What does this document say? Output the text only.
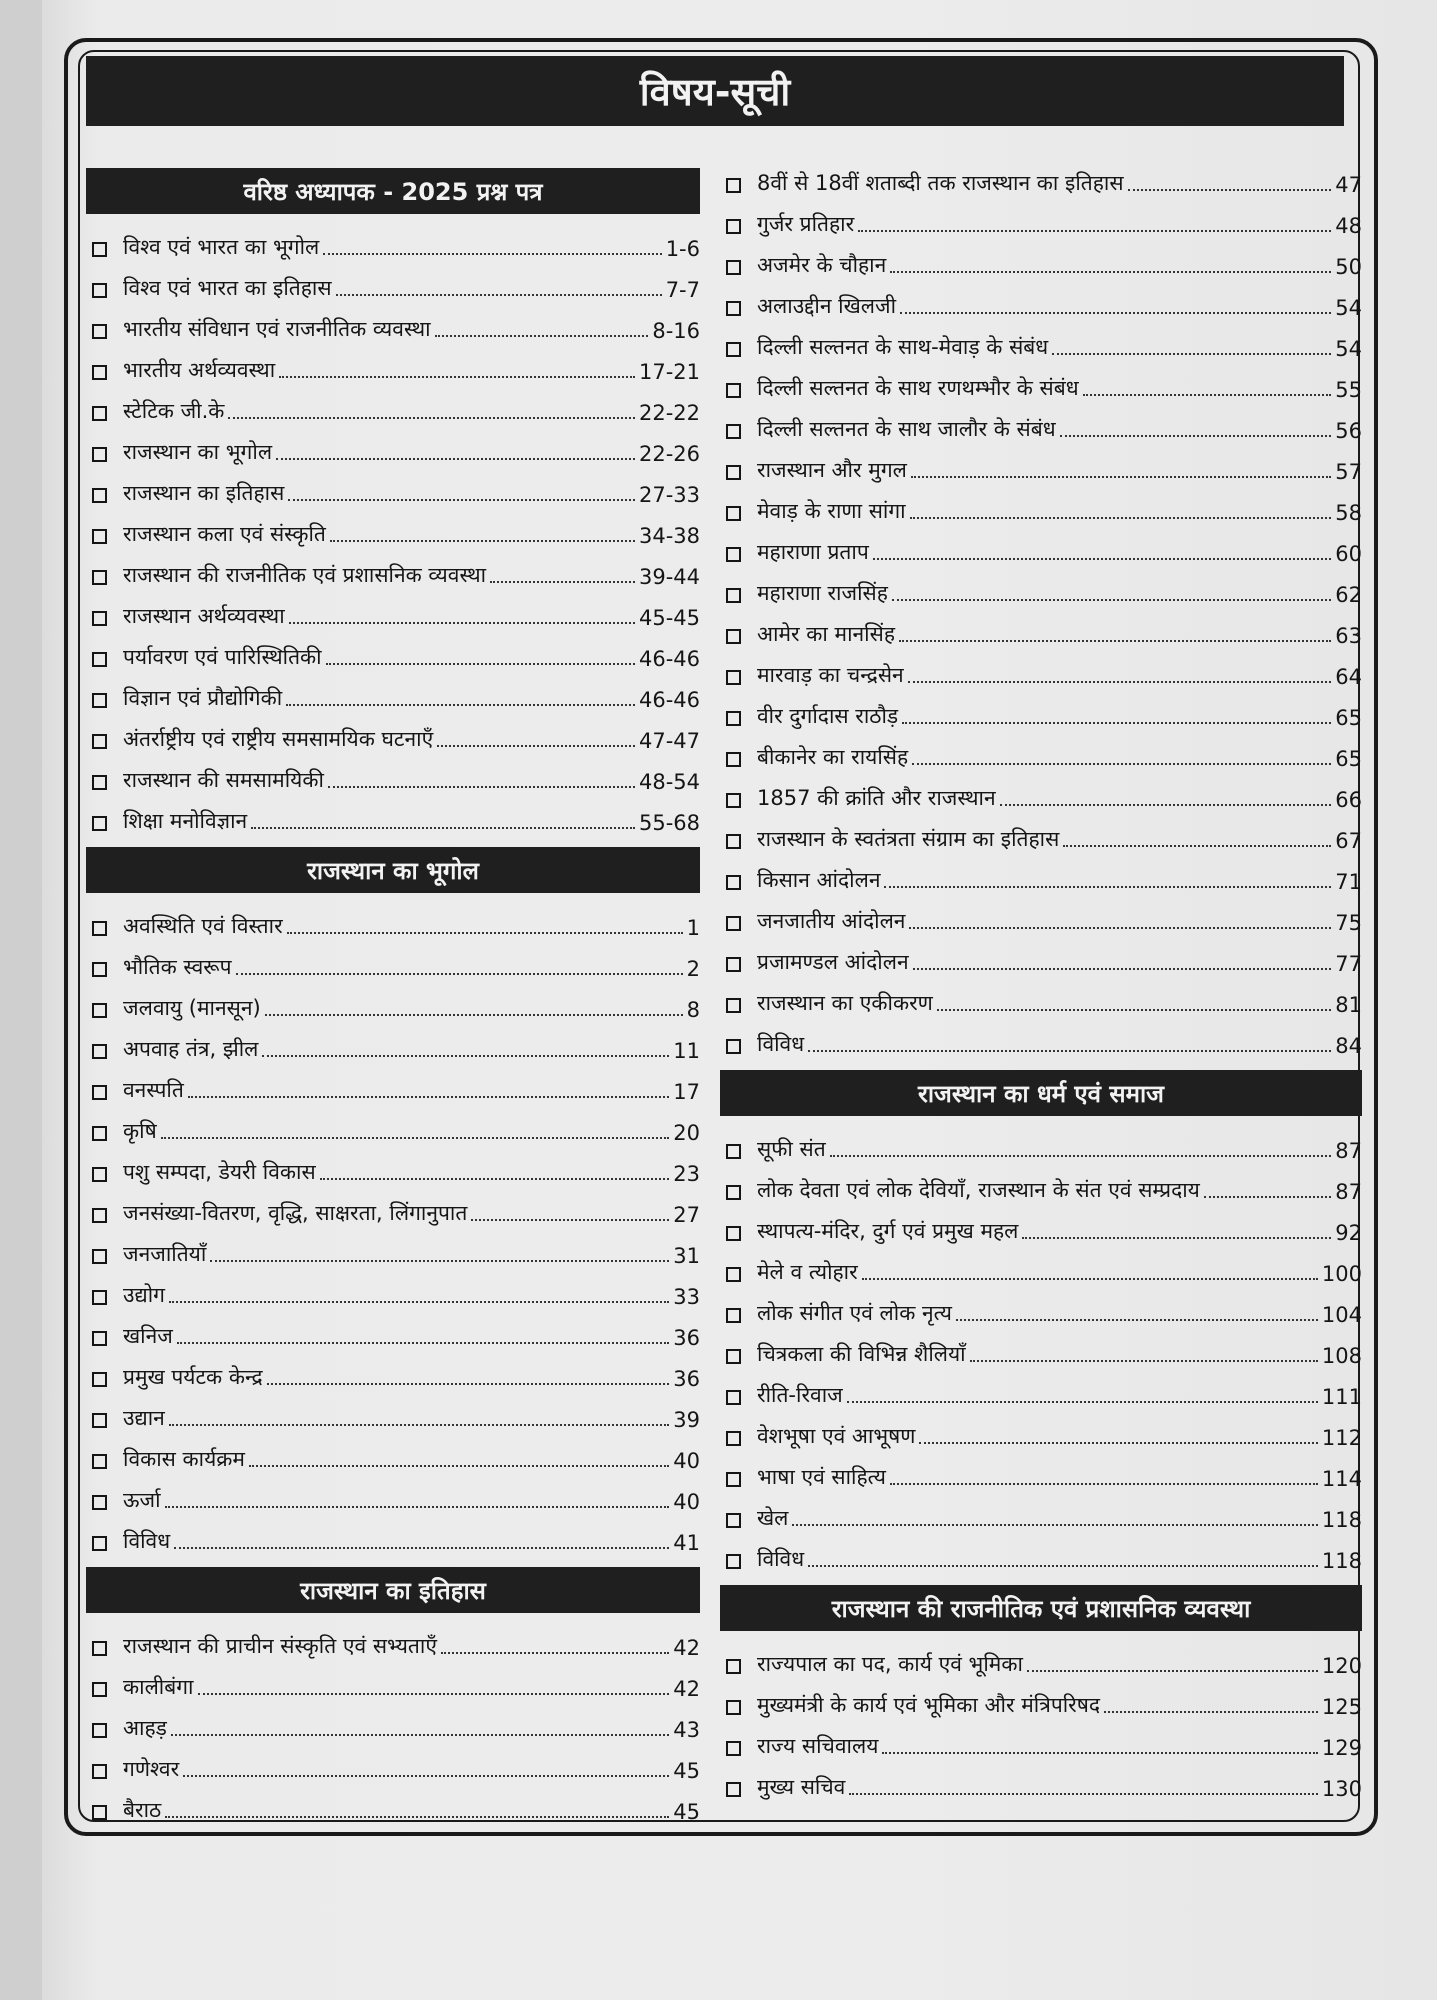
विषय-सूची
वरिष्ठ अध्यापक - 2025 प्रश्न पत्र
विश्व एवं भारत का भूगोल	1-6
विश्व एवं भारत का इतिहास	7-7
भारतीय संविधान एवं राजनीतिक व्यवस्था	8-16
भारतीय अर्थव्यवस्था	17-21
स्टेटिक जी.के	22-22
राजस्थान का भूगोल	22-26
राजस्थान का इतिहास	27-33
राजस्थान कला एवं संस्कृति	34-38
राजस्थान की राजनीतिक एवं प्रशासनिक व्यवस्था	39-44
राजस्थान अर्थव्यवस्था	45-45
पर्यावरण एवं पारिस्थितिकी	46-46
विज्ञान एवं प्रौद्योगिकी	46-46
अंतर्राष्ट्रीय एवं राष्ट्रीय समसामयिक घटनाएँ	47-47
राजस्थान की समसामयिकी	48-54
शिक्षा मनोविज्ञान	55-68
राजस्थान का भूगोल
अवस्थिति एवं विस्तार	1
भौतिक स्वरूप	2
जलवायु (मानसून)	8
अपवाह तंत्र, झील	11
वनस्पति	17
कृषि	20
पशु सम्पदा, डेयरी विकास	23
जनसंख्या-वितरण, वृद्धि, साक्षरता, लिंगानुपात	27
जनजातियाँ	31
उद्योग	33
खनिज	36
प्रमुख पर्यटक केन्द्र	36
उद्यान	39
विकास कार्यक्रम	40
ऊर्जा	40
विविध	41
राजस्थान का इतिहास
राजस्थान की प्राचीन संस्कृति एवं सभ्यताएँ	42
कालीबंगा	42
आहड़	43
गणेश्वर	45
बैराठ	45
8वीं से 18वीं शताब्दी तक राजस्थान का इतिहास	47
गुर्जर प्रतिहार	48
अजमेर के चौहान	50
अलाउद्दीन खिलजी	54
दिल्ली सल्तनत के साथ-मेवाड़ के संबंध	54
दिल्ली सल्तनत के साथ रणथम्भौर के संबंध	55
दिल्ली सल्तनत के साथ जालौर के संबंध	56
राजस्थान और मुगल	57
मेवाड़ के राणा सांगा	58
महाराणा प्रताप	60
महाराणा राजसिंह	62
आमेर का मानसिंह	63
मारवाड़ का चन्द्रसेन	64
वीर दुर्गादास राठौड़	65
बीकानेर का रायसिंह	65
1857 की क्रांति और राजस्थान	66
राजस्थान के स्वतंत्रता संग्राम का इतिहास	67
किसान आंदोलन	71
जनजातीय आंदोलन	75
प्रजामण्डल आंदोलन	77
राजस्थान का एकीकरण	81
विविध	84
राजस्थान का धर्म एवं समाज
सूफी संत	87
लोक देवता एवं लोक देवियाँ, राजस्थान के संत एवं सम्प्रदाय	87
स्थापत्य-मंदिर, दुर्ग एवं प्रमुख महल	92
मेले व त्योहार	100
लोक संगीत एवं लोक नृत्य	104
चित्रकला की विभिन्न शैलियाँ	108
रीति-रिवाज	111
वेशभूषा एवं आभूषण	112
भाषा एवं साहित्य	114
खेल	118
विविध	118
राजस्थान की राजनीतिक एवं प्रशासनिक व्यवस्था
राज्यपाल का पद, कार्य एवं भूमिका	120
मुख्यमंत्री के कार्य एवं भूमिका और मंत्रिपरिषद	125
राज्य सचिवालय	129
मुख्य सचिव	130
